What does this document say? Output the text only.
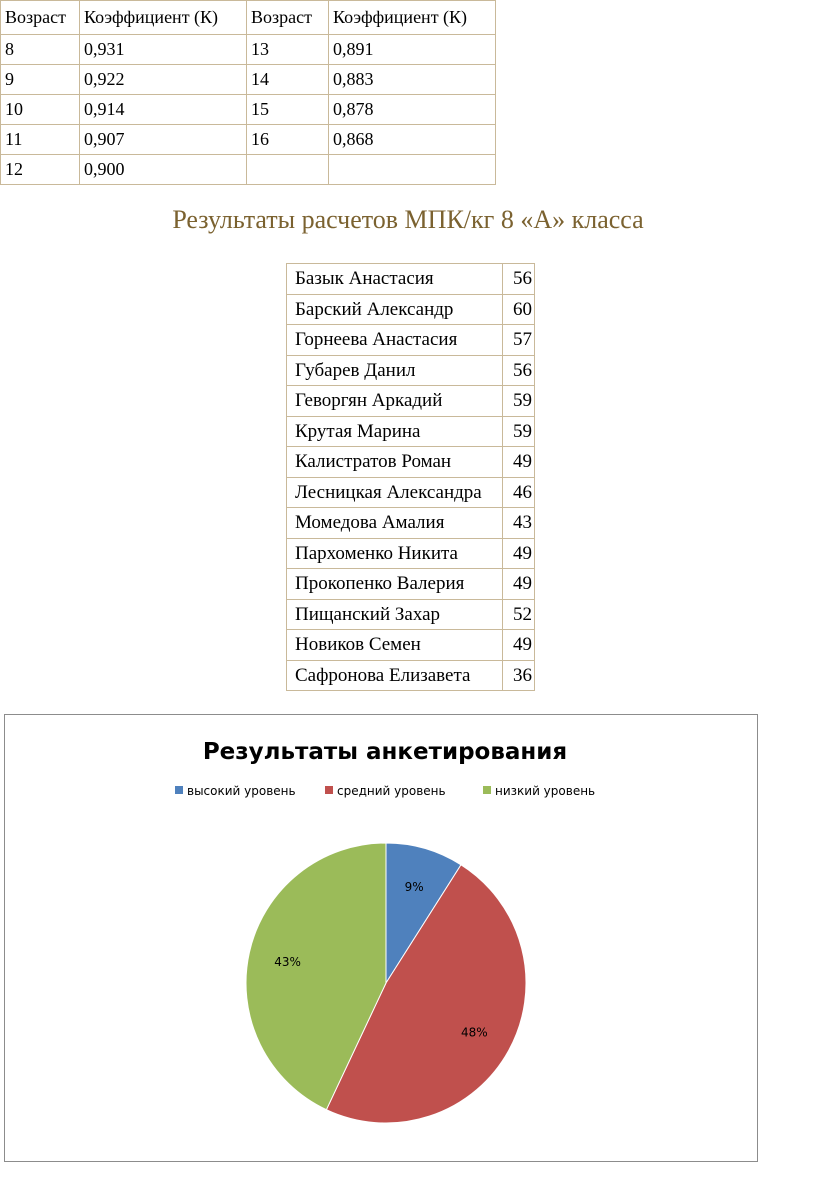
Возраст	Коэффициент (К)	Возраст	Коэффициент (К)
8	0,931	13	0,891
9	0,922	14	0,883
10	0,914	15	0,878
11	0,907	16	0,868
12	0,900		
Результаты расчетов МПК/кг 8 «А» класса
Базык Анастасия	56
Барский Александр	60
Горнеева Анастасия	57
Губарев Данил	56
Геворгян Аркадий	59
Крутая Марина	59
Калистратов Роман	49
Лесницкая Александра	46
Момедова Амалия	43
Пархоменко Никита	49
Прокопенко Валерия	49
Пищанский Захар	52
Новиков Семен	49
Сафронова Елизавета	36
Результаты анкетирования
высокий уровень	средний уровень	низкий уровень
9%
48%
43%
